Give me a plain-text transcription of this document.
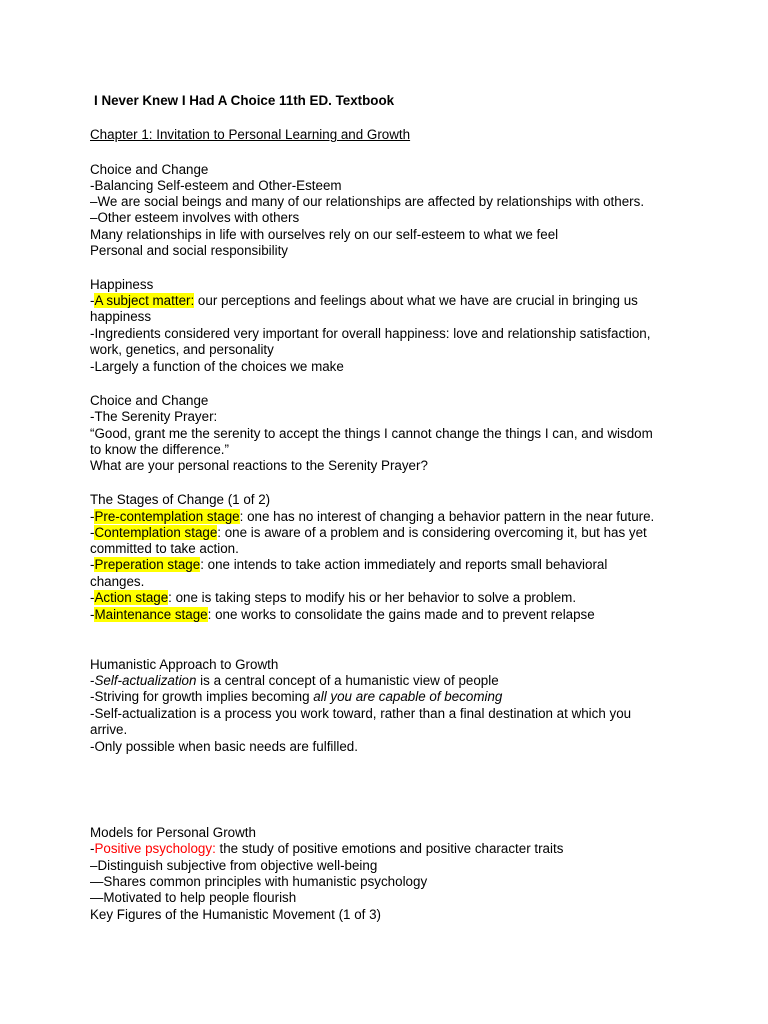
I Never Knew I Had A Choice 11th ED. Textbook
Chapter 1: Invitation to Personal Learning and Growth
Choice and Change
-Balancing Self-esteem and Other-Esteem
–We are social beings and many of our relationships are affected by relationships with others.
–Other esteem involves with others
Many relationships in life with ourselves rely on our self-esteem to what we feel
Personal and social responsibility
Happiness
-A subject matter: our perceptions and feelings about what we have are crucial in bringing us
happiness
-Ingredients considered very important for overall happiness: love and relationship satisfaction,
work, genetics, and personality
-Largely a function of the choices we make
Choice and Change
-The Serenity Prayer:
“Good, grant me the serenity to accept the things I cannot change the things I can, and wisdom
to know the difference.”
What are your personal reactions to the Serenity Prayer?
The Stages of Change (1 of 2)
-Pre-contemplation stage: one has no interest of changing a behavior pattern in the near future.
-Contemplation stage: one is aware of a problem and is considering overcoming it, but has yet
committed to take action.
-Preperation stage: one intends to take action immediately and reports small behavioral
changes.
-Action stage: one is taking steps to modify his or her behavior to solve a problem.
-Maintenance stage: one works to consolidate the gains made and to prevent relapse
Humanistic Approach to Growth
-Self-actualization is a central concept of a humanistic view of people
-Striving for growth implies becoming all you are capable of becoming
-Self-actualization is a process you work toward, rather than a final destination at which you
arrive.
-Only possible when basic needs are fulfilled.
Models for Personal Growth
-Positive psychology: the study of positive emotions and positive character traits
–Distinguish subjective from objective well-being
—Shares common principles with humanistic psychology
—Motivated to help people flourish
Key Figures of the Humanistic Movement (1 of 3)
